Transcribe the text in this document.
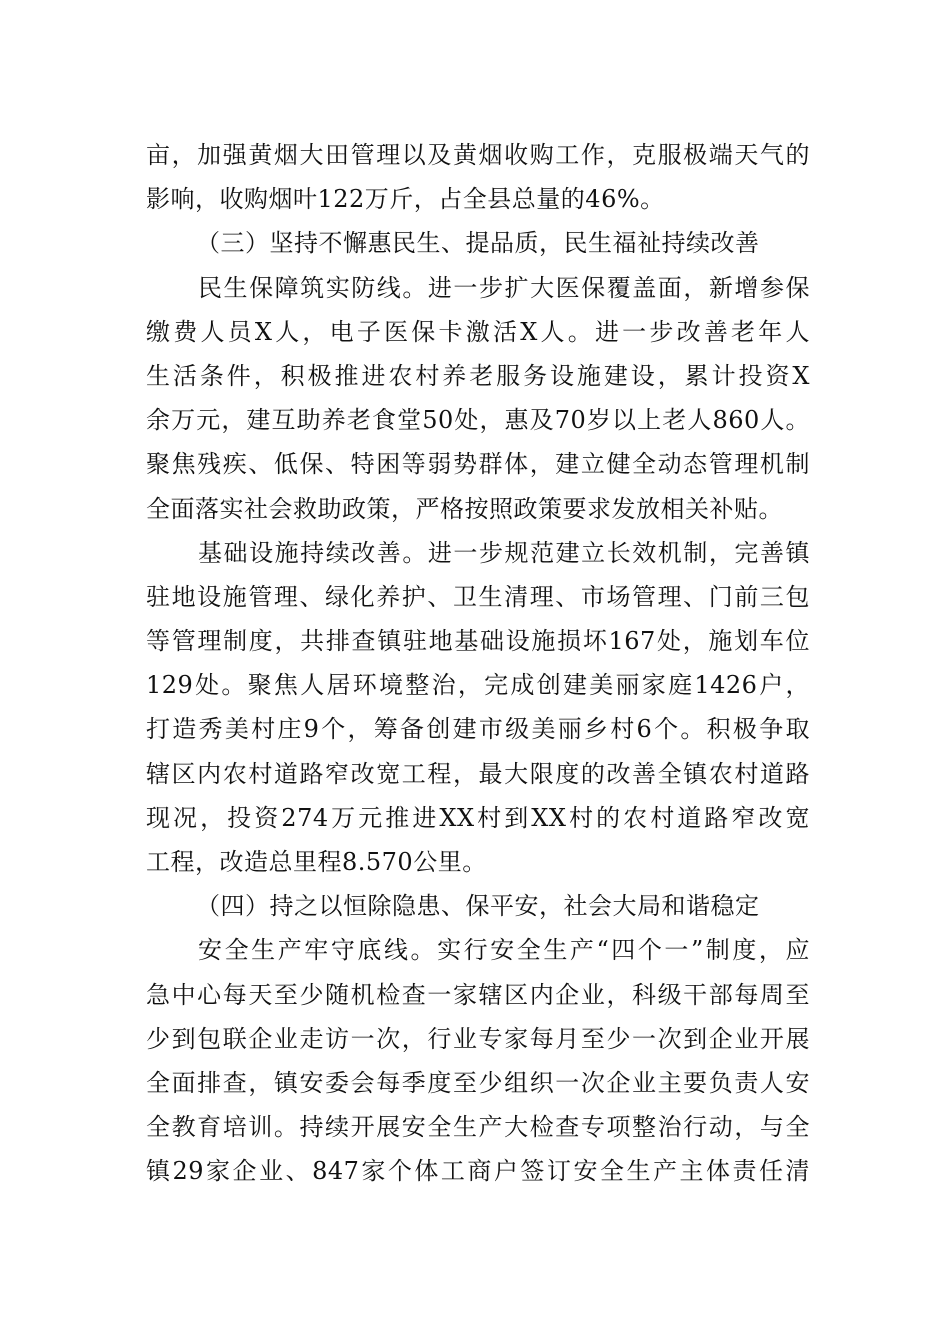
亩，加强黄烟大田管理以及黄烟收购工作，克服极端天气的
影响，收购烟叶122万斤，占全县总量的46%。
（三）坚持不懈惠民生、提品质，民生福祉持续改善
民生保障筑实防线。进一步扩大医保覆盖面，新增参保
缴费人员X人，电子医保卡激活X人。进一步改善老年人
生活条件，积极推进农村养老服务设施建设，累计投资X
余万元，建互助养老食堂50处，惠及70岁以上老人860人。
聚焦残疾、低保、特困等弱势群体，建立健全动态管理机制
全面落实社会救助政策，严格按照政策要求发放相关补贴。
基础设施持续改善。进一步规范建立长效机制，完善镇
驻地设施管理、绿化养护、卫生清理、市场管理、门前三包
等管理制度，共排查镇驻地基础设施损坏167处，施划车位
129处。聚焦人居环境整治，完成创建美丽家庭1426户，
打造秀美村庄9个，筹备创建市级美丽乡村6个。积极争取
辖区内农村道路窄改宽工程，最大限度的改善全镇农村道路
现况，投资274万元推进XX村到XX村的农村道路窄改宽
工程，改造总里程8.570公里。
（四）持之以恒除隐患、保平安，社会大局和谐稳定
安全生产牢守底线。实行安全生产“四个一”制度，应
急中心每天至少随机检查一家辖区内企业，科级干部每周至
少到包联企业走访一次，行业专家每月至少一次到企业开展
全面排查，镇安委会每季度至少组织一次企业主要负责人安
全教育培训。持续开展安全生产大检查专项整治行动，与全
镇29家企业、847家个体工商户签订安全生产主体责任清
